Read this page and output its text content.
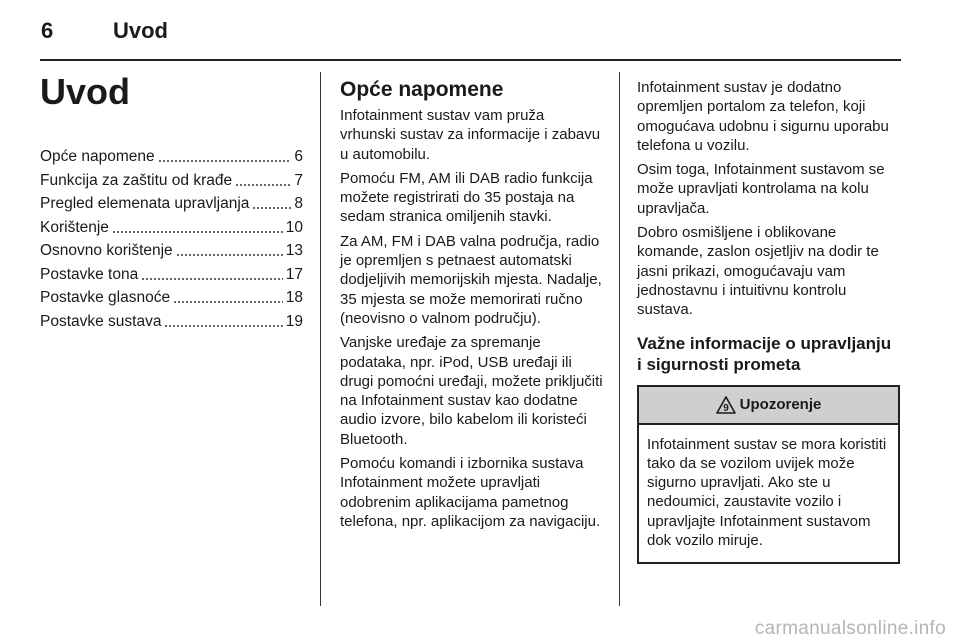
6	Uvod
Uvod
Opće napomene	6
Funkcija za zaštitu od krađe	7
Pregled elemenata upravljanja	8
Korištenje	10
Osnovno korištenje	13
Postavke tona	17
Postavke glasnoće	18
Postavke sustava	19
Opće napomene

Infotainment sustav vam pruža vrhunski sustav za informacije i zabavu u automobilu.

Pomoću FM, AM ili DAB radio funkcija možete registrirati do 35 postaja na sedam stranica omiljenih stavki.

Za AM, FM i DAB valna područja, radio je opremljen s petnaest automatski dodjeljivih memorijskih mjesta. Nadalje, 35 mjesta se može memorirati ručno (neovisno o valnom području).

Vanjske uređaje za spremanje podataka, npr. iPod, USB uređaji ili drugi pomoćni uređaji, možete priključiti na Infotainment sustav kao dodatne audio izvore, bilo kabelom ili koristeći Bluetooth.

Pomoću komandi i izbornika sustava Infotainment možete upravljati odobrenim aplikacijama pametnog telefona, npr. aplikacijom za navigaciju.

Infotainment sustav je dodatno opremljen portalom za telefon, koji omogućava udobnu i sigurnu uporabu telefona u vozilu.

Osim toga, Infotainment sustavom se može upravljati kontrolama na kolu upravljača.

Dobro osmišljene i oblikovane komande, zaslon osjetljiv na dodir te jasni prikazi, omogućavaju vam jednostavnu i intuitivnu kontrolu sustava.

Važne informacije o upravljanju i sigurnosti prometa
9 Upozorenje

Infotainment sustav se mora koristiti tako da se vozilom uvijek može sigurno upravljati. Ako ste u nedoumici, zaustavite vozilo i upravljajte Infotainment sustavom dok vozilo miruje.

carmanualsonline.info
